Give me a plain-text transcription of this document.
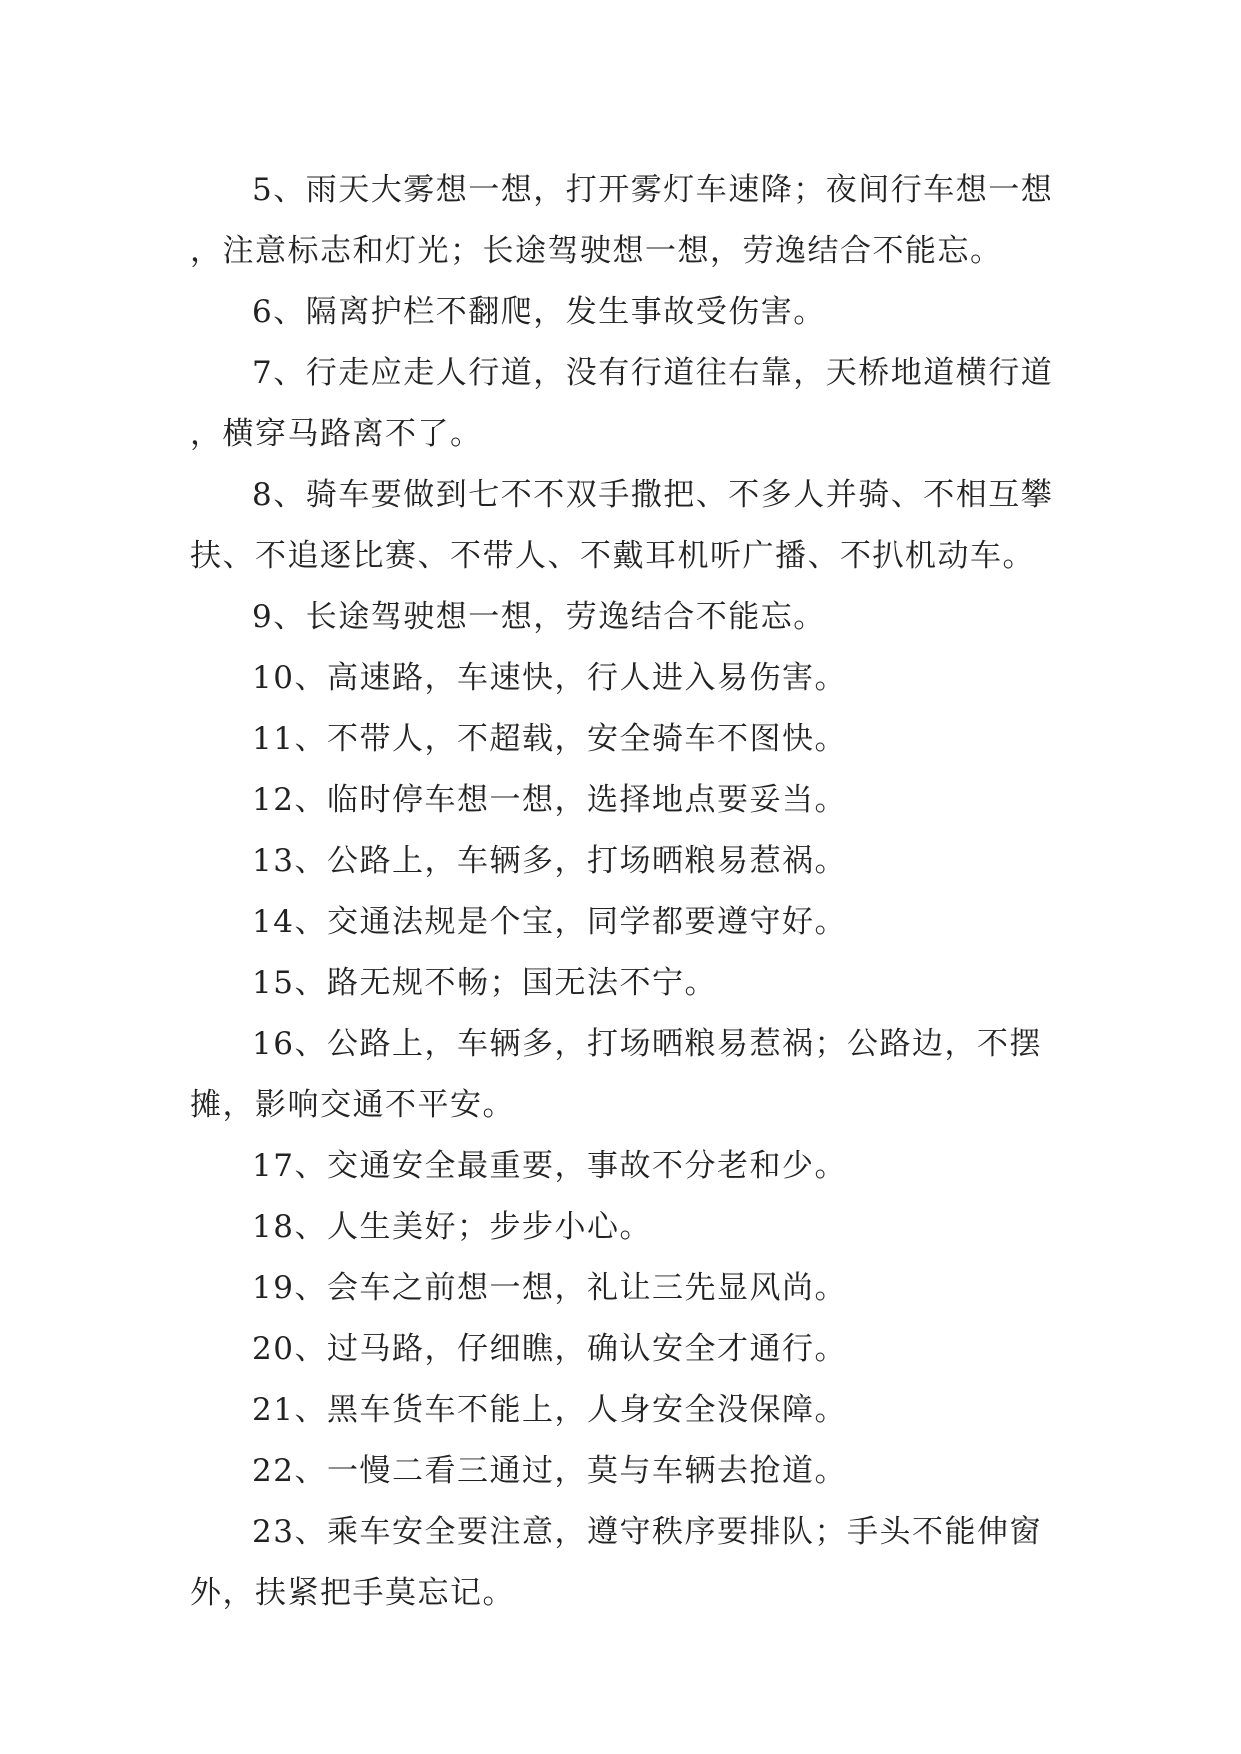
5、雨天大雾想一想，打开雾灯车速降；夜间行车想一想，注意标志和灯光；长途驾驶想一想，劳逸结合不能忘。

6、隔离护栏不翻爬，发生事故受伤害。

7、行走应走人行道，没有行道往右靠，天桥地道横行道，横穿马路离不了。

8、骑车要做到七不不双手撒把、不多人并骑、不相互攀扶、不追逐比赛、不带人、不戴耳机听广播、不扒机动车。

9、长途驾驶想一想，劳逸结合不能忘。

10、高速路，车速快，行人进入易伤害。

11、不带人，不超载，安全骑车不图快。

12、临时停车想一想，选择地点要妥当。

13、公路上，车辆多，打场晒粮易惹祸。

14、交通法规是个宝，同学都要遵守好。

15、路无规不畅；国无法不宁。

16、公路上，车辆多，打场晒粮易惹祸；公路边，不摆摊，影响交通不平安。

17、交通安全最重要，事故不分老和少。

18、人生美好；步步小心。

19、会车之前想一想，礼让三先显风尚。

20、过马路，仔细瞧，确认安全才通行。

21、黑车货车不能上，人身安全没保障。

22、一慢二看三通过，莫与车辆去抢道。

23、乘车安全要注意，遵守秩序要排队；手头不能伸窗外，扶紧把手莫忘记。
